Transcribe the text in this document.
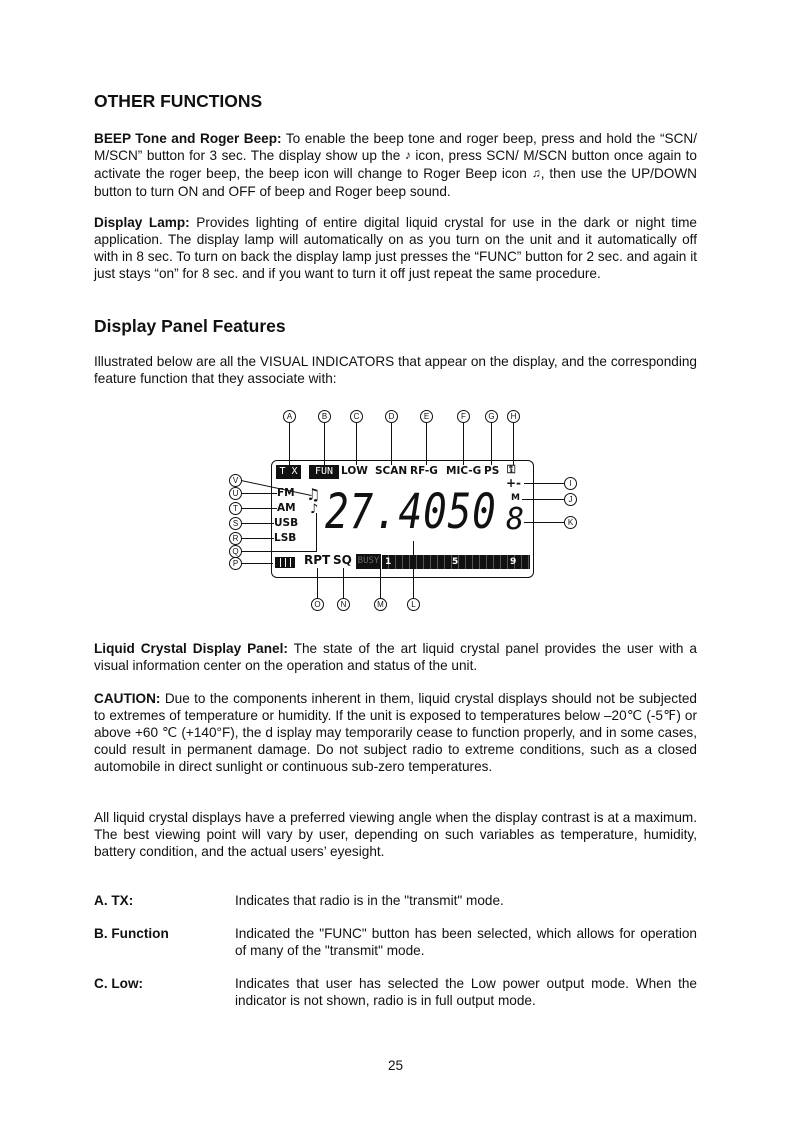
OTHER FUNCTIONS

BEEP Tone and Roger Beep: To enable the beep tone and roger beep, press and hold the “SCN/ M/SCN” button for 3 sec. The display show up the ♪ icon, press SCN/ M/SCN button once again to activate the roger beep, the beep icon will change to Roger Beep icon ♫, then use the UP/DOWN button to turn ON and OFF of beep and Roger beep sound.

Display Lamp: Provides lighting of entire digital liquid crystal for use in the dark or night time application. The display lamp will automatically on as you turn on the unit and it automatically off with in 8 sec. To turn on back the display lamp just presses the “FUNC” button for 2 sec. and again it just stays “on” for 8 sec. and if you want to turn it off just repeat the same procedure.

Display Panel Features

Illustrated below are all the VISUAL INDICATORS that appear on the display, and the corresponding feature function that they associate with:

Liquid Crystal Display Panel: The state of the art liquid crystal panel provides the user with a visual information center on the operation and status of the unit.

CAUTION: Due to the components inherent in them, liquid crystal displays should not be subjected to extremes of temperature or humidity. If the unit is exposed to temperatures below –20℃ (-5℉) or above +60 ℃ (+140°F), the d isplay may temporarily cease to function properly, and in some cases, could result in permanent damage. Do not subject radio to extreme conditions, such as a closed automobile in direct sunlight or continuous sub-zero temperatures.

All liquid crystal displays have a preferred viewing angle when the display contrast is at a maximum. The best viewing point will vary by user, depending on such variables as temperature, humidity, battery condition, and the actual users’ eyesight.

A. TX:	Indicates that radio is in the "transmit" mode.
B. Function	Indicated the "FUNC" button has been selected, which allows for operation of many of the "transmit" mode.
C. Low:	Indicates that user has selected the Low power output mode. When the indicator is not shown, radio is in full output mode.
A	B	C	D	E	F	G	H
T X	FUN LOW SCAN RF-G MIC-G PS ⚿
+-	I
M	J
8	K
V
U	FM
T	AM
S	USB
R	LSB
Q
P
♫
♪ 27.4050
RPT SQ BUSY 1	5	9
O	N	M	L
25
